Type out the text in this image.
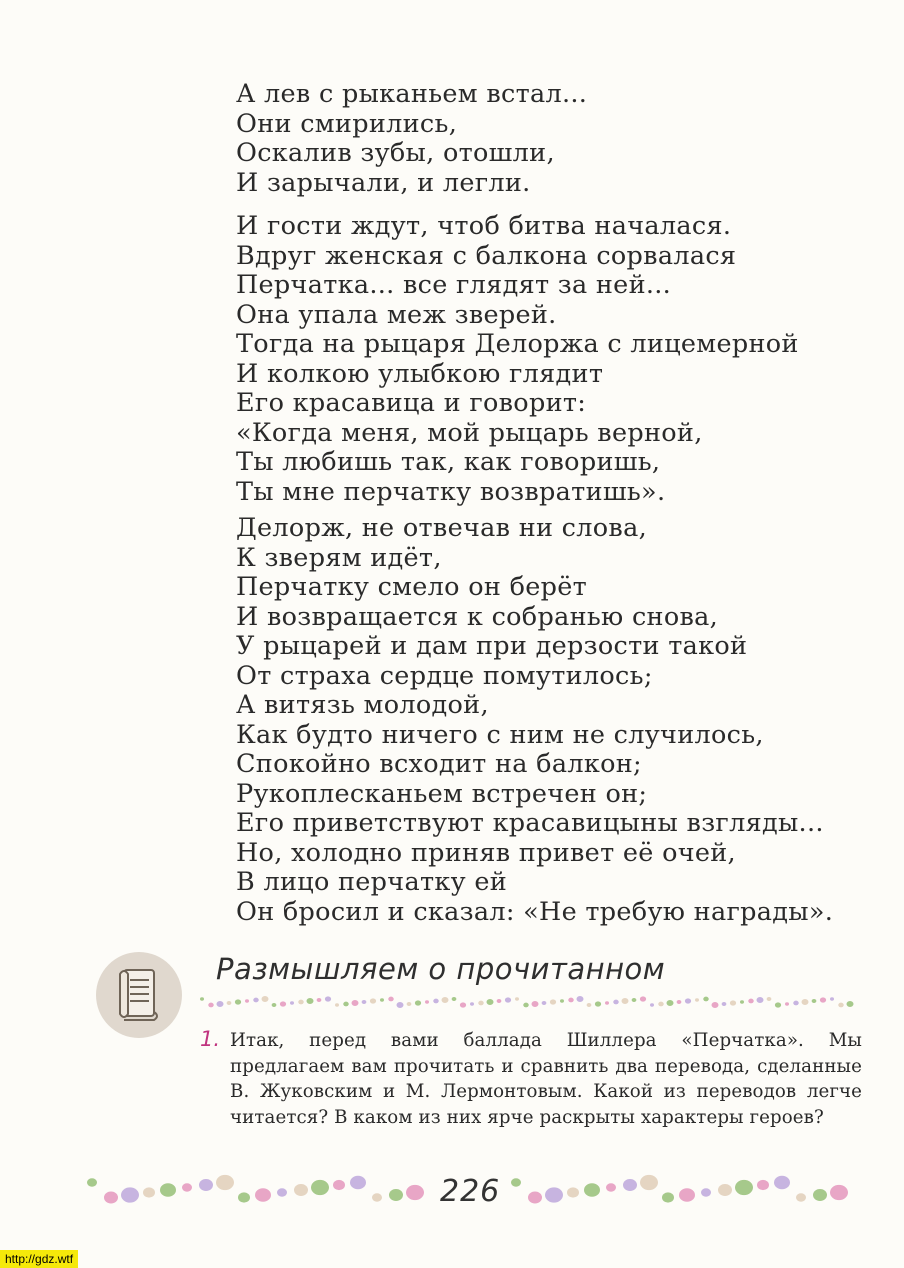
А лев с рыканьем встал...
Они смирились,
Оскалив зубы, отошли,
И зарычали, и легли.
И гости ждут, чтоб битва началася.
Вдруг женская с балкона сорвалася
Перчатка... все глядят за ней...
Она упала меж зверей.
Тогда на рыцаря Делоржа с лицемерной
И колкою улыбкою глядит
Его красавица и говорит:
«Когда меня, мой рыцарь верной,
Ты любишь так, как говоришь,
Ты мне перчатку возвратишь».
Делорж, не отвечав ни слова,
К зверям идёт,
Перчатку смело он берёт
И возвращается к собранью снова,
У рыцарей и дам при дерзости такой
От страха сердце помутилось;
А витязь молодой,
Как будто ничего с ним не случилось,
Спокойно всходит на балкон;
Рукоплесканьем встречен он;
Его приветствуют красавицыны взгляды...
Но, холодно приняв привет её очей,
В лицо перчатку ей
Он бросил и сказал: «Не требую награды».
Размышляем о прочитанном
1. Итак, перед вами баллада Шиллера «Перчатка». Мы предлагаем вам прочитать и сравнить два перевода, сделанные В. Жуковским и М. Лермонтовым. Какой из переводов легче читается? В каком из них ярче раскрыты характеры героев?
226
http://gdz.wtf
